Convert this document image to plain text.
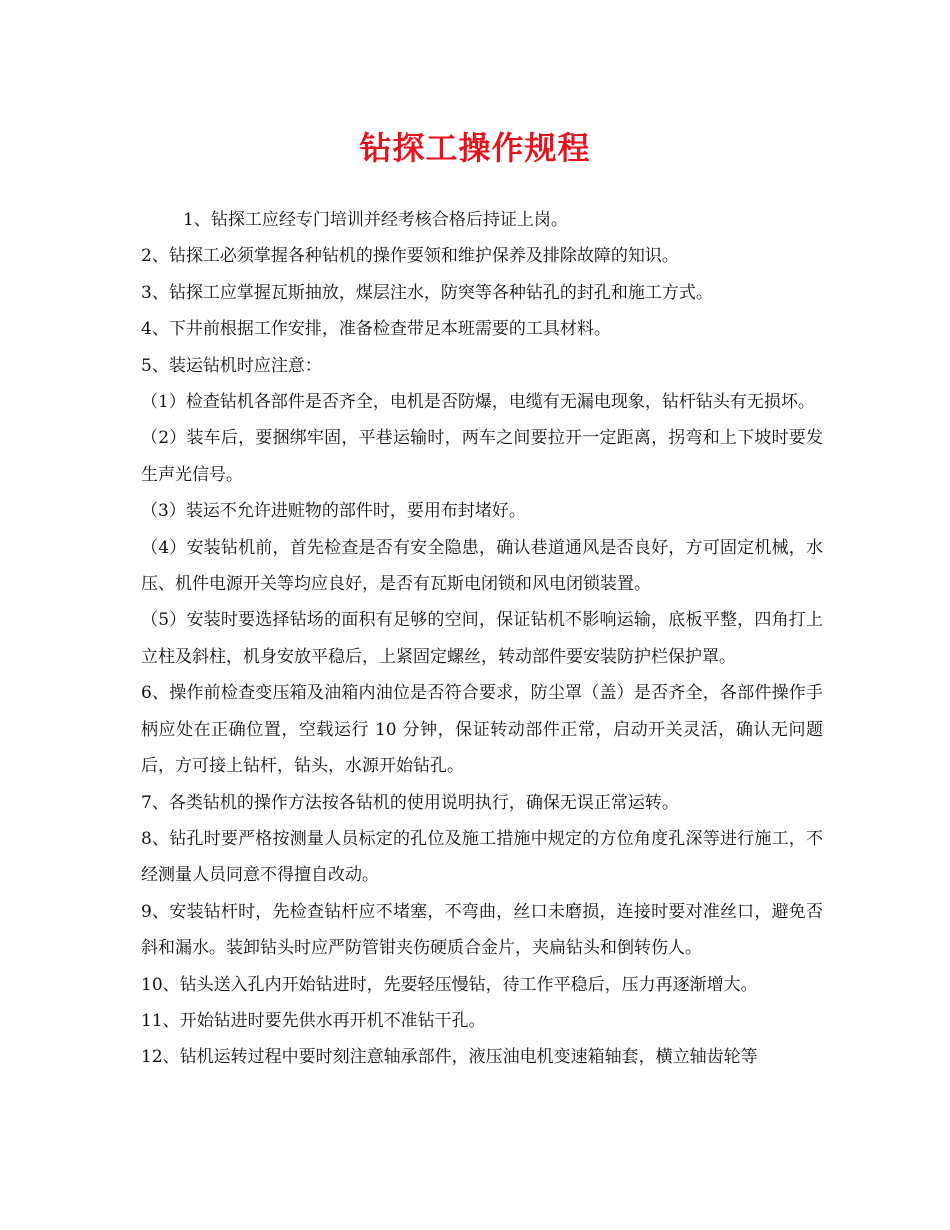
钻探工操作规程

1、钻探工应经专门培训并经考核合格后持证上岗。

2、钻探工必须掌握各种钻机的操作要领和维护保养及排除故障的知识。

3、钻探工应掌握瓦斯抽放，煤层注水，防突等各种钻孔的封孔和施工方式。

4、下井前根据工作安排，准备检查带足本班需要的工具材料。

5、装运钻机时应注意：

（1）检查钻机各部件是否齐全，电机是否防爆，电缆有无漏电现象，钻杆钻头有无损坏。

（2）装车后，要捆绑牢固，平巷运输时，两车之间要拉开一定距离，拐弯和上下坡时要发生声光信号。

（3）装运不允许进赃物的部件时，要用布封堵好。

（4）安装钻机前，首先检查是否有安全隐患，确认巷道通风是否良好，方可固定机械，水压、机件电源开关等均应良好，是否有瓦斯电闭锁和风电闭锁装置。

（5）安装时要选择钻场的面积有足够的空间，保证钻机不影响运输，底板平整，四角打上立柱及斜柱，机身安放平稳后，上紧固定螺丝，转动部件要安装防护栏保护罩。

6、操作前检查变压箱及油箱内油位是否符合要求，防尘罩（盖）是否齐全，各部件操作手柄应处在正确位置，空载运行 10 分钟，保证转动部件正常，启动开关灵活，确认无问题后，方可接上钻杆，钻头，水源开始钻孔。

7、各类钻机的操作方法按各钻机的使用说明执行，确保无误正常运转。

8、钻孔时要严格按测量人员标定的孔位及施工措施中规定的方位角度孔深等进行施工，不经测量人员同意不得擅自改动。

9、安装钻杆时，先检查钻杆应不堵塞，不弯曲，丝口未磨损，连接时要对准丝口，避免否斜和漏水。装卸钻头时应严防管钳夹伤硬质合金片，夹扁钻头和倒转伤人。

10、钻头送入孔内开始钻进时，先要轻压慢钻，待工作平稳后，压力再逐渐增大。

11、开始钻进时要先供水再开机不准钻干孔。

12、钻机运转过程中要时刻注意轴承部件，液压油电机变速箱轴套，横立轴齿轮等
